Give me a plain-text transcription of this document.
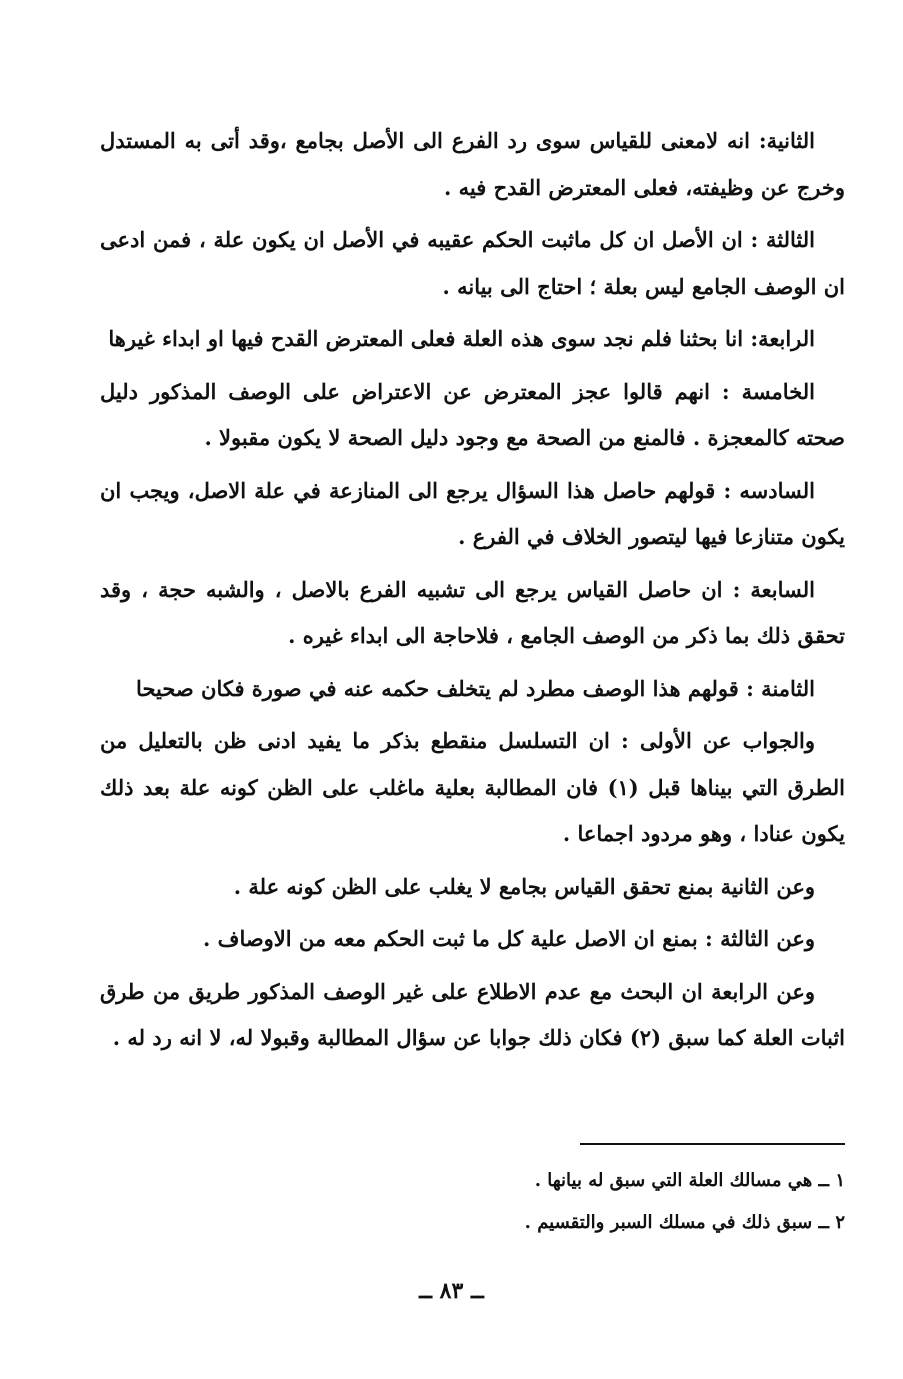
الثانية: انه لامعنى للقياس سوى رد الفرع الى الأصل بجامع ،وقد أتى به المستدل وخرج عن وظيفته، فعلى المعترض القدح فيه .

الثالثة : ان الأصل ان كل ماثبت الحكم عقيبه في الأصل ان يكون علة ، فمن ادعى ان الوصف الجامع ليس بعلة ؛ احتاج الى بيانه .

الرابعة: انا بحثنا فلم نجد سوى هذه العلة فعلى المعترض القدح فيها او ابداء غيرها

الخامسة : انهم قالوا عجز المعترض عن الاعتراض على الوصف المذكور دليل صحته كالمعجزة . فالمنع من الصحة مع وجود دليل الصحة لا يكون مقبولا .

السادسه : قولهم حاصل هذا السؤال يرجع الى المنازعة في علة الاصل، ويجب ان يكون متنازعا فيها ليتصور الخلاف في الفرع .

السابعة : ان حاصل القياس يرجع الى تشبيه الفرع بالاصل ، والشبه حجة ، وقد تحقق ذلك بما ذكر من الوصف الجامع ، فلاحاجة الى ابداء غيره .

الثامنة : قولهم هذا الوصف مطرد لم يتخلف حكمه عنه في صورة فكان صحيحا

والجواب عن الأولى : ان التسلسل منقطع بذكر ما يفيد ادنى ظن بالتعليل من الطرق التي بيناها قبل (١) فان المطالبة بعلية ماغلب على الظن كونه علة بعد ذلك يكون عنادا ، وهو مردود اجماعا .

وعن الثانية بمنع تحقق القياس بجامع لا يغلب على الظن كونه علة .

وعن الثالثة : بمنع ان الاصل علية كل ما ثبت الحكم معه من الاوصاف .

وعن الرابعة ان البحث مع عدم الاطلاع على غير الوصف المذكور طريق من طرق اثبات العلة كما سبق (٢) فكان ذلك جوابا عن سؤال المطالبة وقبولا له، لا انه رد له .

١ ــ هي مسالك العلة التي سبق له بيانها .
٢ ــ سبق ذلك في مسلك السبر والتقسيم .
ــ ٨٣ ــ
